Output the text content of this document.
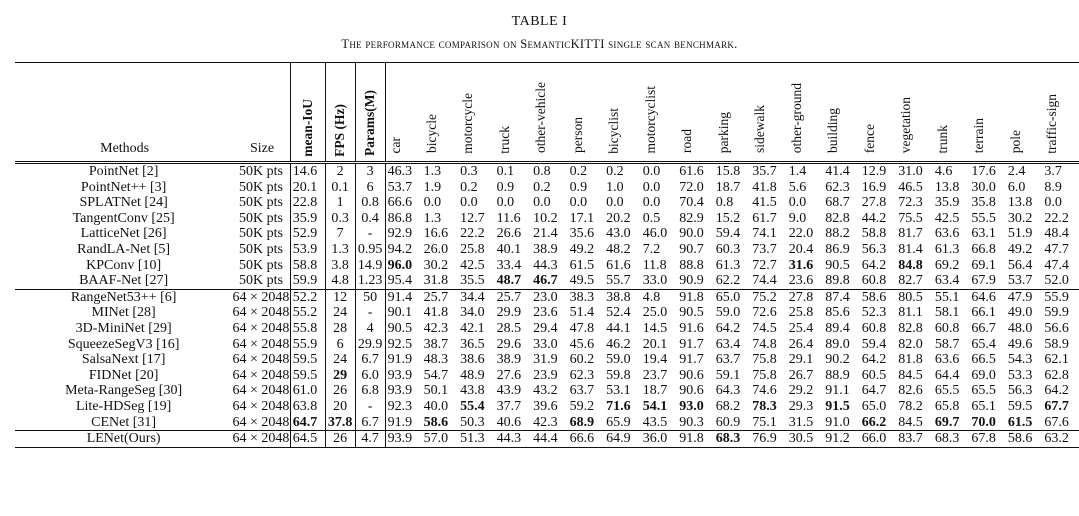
TABLE I
The performance comparison on SemanticKITTI single scan benchmark.
Methods	Size	mean-IoU	FPS (Hz)	Params(M)	car	bicycle	motorcycle	truck	other-vehicle	person	bicyclist	motorcyclist	road	parking	sidewalk	other-ground	building	fence	vegetation	trunk	terrain	pole	traffic-sign
PointNet [2]	50K pts	14.6	2	3	46.3	1.3	0.3	0.1	0.8	0.2	0.2	0.0	61.6	15.8	35.7	1.4	41.4	12.9	31.0	4.6	17.6	2.4	3.7
PointNet++ [3]	50K pts	20.1	0.1	6	53.7	1.9	0.2	0.9	0.2	0.9	1.0	0.0	72.0	18.7	41.8	5.6	62.3	16.9	46.5	13.8	30.0	6.0	8.9
SPLATNet [24]	50K pts	22.8	1	0.8	66.6	0.0	0.0	0.0	0.0	0.0	0.0	0.0	70.4	0.8	41.5	0.0	68.7	27.8	72.3	35.9	35.8	13.8	0.0
TangentConv [25]	50K pts	35.9	0.3	0.4	86.8	1.3	12.7	11.6	10.2	17.1	20.2	0.5	82.9	15.2	61.7	9.0	82.8	44.2	75.5	42.5	55.5	30.2	22.2
LatticeNet [26]	50K pts	52.9	7	-	92.9	16.6	22.2	26.6	21.4	35.6	43.0	46.0	90.0	59.4	74.1	22.0	88.2	58.8	81.7	63.6	63.1	51.9	48.4
RandLA-Net [5]	50K pts	53.9	1.3	0.95	94.2	26.0	25.8	40.1	38.9	49.2	48.2	7.2	90.7	60.3	73.7	20.4	86.9	56.3	81.4	61.3	66.8	49.2	47.7
KPConv [10]	50K pts	58.8	3.8	14.9	96.0	30.2	42.5	33.4	44.3	61.5	61.6	11.8	88.8	61.3	72.7	31.6	90.5	64.2	84.8	69.2	69.1	56.4	47.4
BAAF-Net [27]	50K pts	59.9	4.8	1.23	95.4	31.8	35.5	48.7	46.7	49.5	55.7	33.0	90.9	62.2	74.4	23.6	89.8	60.8	82.7	63.4	67.9	53.7	52.0
RangeNet53++ [6]	64 × 2048	52.2	12	50	91.4	25.7	34.4	25.7	23.0	38.3	38.8	4.8	91.8	65.0	75.2	27.8	87.4	58.6	80.5	55.1	64.6	47.9	55.9
MINet [28]	64 × 2048	55.2	24	-	90.1	41.8	34.0	29.9	23.6	51.4	52.4	25.0	90.5	59.0	72.6	25.8	85.6	52.3	81.1	58.1	66.1	49.0	59.9
3D-MiniNet [29]	64 × 2048	55.8	28	4	90.5	42.3	42.1	28.5	29.4	47.8	44.1	14.5	91.6	64.2	74.5	25.4	89.4	60.8	82.8	60.8	66.7	48.0	56.6
SqueezeSegV3 [16]	64 × 2048	55.9	6	29.9	92.5	38.7	36.5	29.6	33.0	45.6	46.2	20.1	91.7	63.4	74.8	26.4	89.0	59.4	82.0	58.7	65.4	49.6	58.9
SalsaNext [17]	64 × 2048	59.5	24	6.7	91.9	48.3	38.6	38.9	31.9	60.2	59.0	19.4	91.7	63.7	75.8	29.1	90.2	64.2	81.8	63.6	66.5	54.3	62.1
FIDNet [20]	64 × 2048	59.5	29	6.0	93.9	54.7	48.9	27.6	23.9	62.3	59.8	23.7	90.6	59.1	75.8	26.7	88.9	60.5	84.5	64.4	69.0	53.3	62.8
Meta-RangeSeg [30]	64 × 2048	61.0	26	6.8	93.9	50.1	43.8	43.9	43.2	63.7	53.1	18.7	90.6	64.3	74.6	29.2	91.1	64.7	82.6	65.5	65.5	56.3	64.2
Lite-HDSeg [19]	64 × 2048	63.8	20	-	92.3	40.0	55.4	37.7	39.6	59.2	71.6	54.1	93.0	68.2	78.3	29.3	91.5	65.0	78.2	65.8	65.1	59.5	67.7
CENet [31]	64 × 2048	64.7	37.8	6.7	91.9	58.6	50.3	40.6	42.3	68.9	65.9	43.5	90.3	60.9	75.1	31.5	91.0	66.2	84.5	69.7	70.0	61.5	67.6
LENet(Ours)	64 × 2048	64.5	26	4.7	93.9	57.0	51.3	44.3	44.4	66.6	64.9	36.0	91.8	68.3	76.9	30.5	91.2	66.0	83.7	68.3	67.8	58.6	63.2
